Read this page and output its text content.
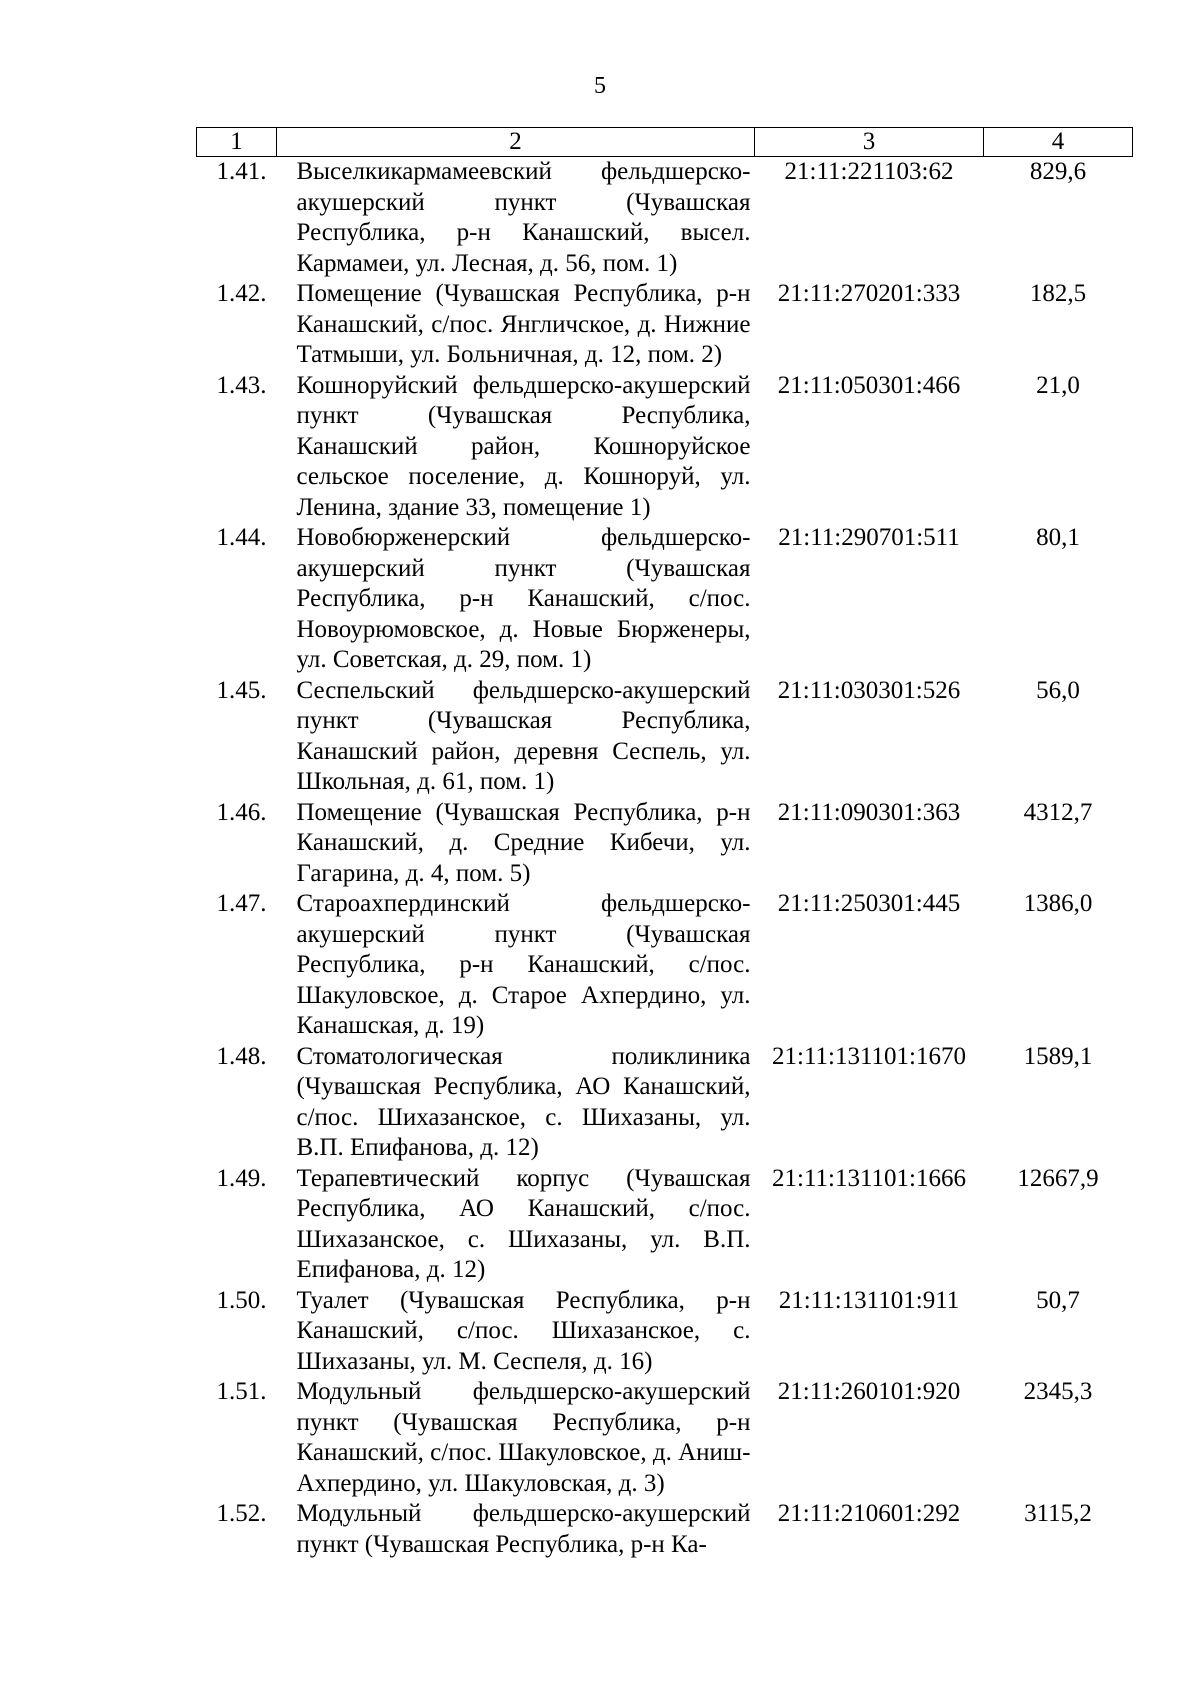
5
1	2	3	4
1.41.	Выселкикармамеевский фельдшерско-акушерский пункт (Чувашская Республика, р-н Канашский, высел. Кармамеи, ул. Лесная, д. 56, пом. 1)	21:11:221103:62	829,6
1.42.	Помещение (Чувашская Республика, р-н Канашский, с/пос. Янгличское, д. Нижние Татмыши, ул. Больничная, д. 12, пом. 2)	21:11:270201:333	182,5
1.43.	Кошноруйский фельдшерско-акушерский пункт (Чувашская Республика, Канашский район, Кошноруйское сельское поселение, д. Кошноруй, ул. Ленина, здание 33, помещение 1)	21:11:050301:466	21,0
1.44.	Новобюрженерский фельдшерско-акушерский пункт (Чувашская Республика, р-н Канашский, с/пос. Новоурюмовское, д. Новые Бюрженеры, ул. Советская, д. 29, пом. 1)	21:11:290701:511	80,1
1.45.	Сеспельский фельдшерско-акушерский пункт (Чувашская Республика, Канашский район, деревня Сеспель, ул. Школьная, д. 61, пом. 1)	21:11:030301:526	56,0
1.46.	Помещение (Чувашская Республика, р-н Канашский, д. Средние Кибечи, ул. Гагарина, д. 4, пом. 5)	21:11:090301:363	4312,7
1.47.	Староахпердинский фельдшерско-акушерский пункт (Чувашская Республика, р-н Канашский, с/пос. Шакуловское, д. Старое Ахпердино, ул. Канашская, д. 19)	21:11:250301:445	1386,0
1.48.	Стоматологическая поликлиника (Чувашская Республика, АО Канашский, с/пос. Шихазанское, с. Шихазаны, ул. В.П. Епифанова, д. 12)	21:11:131101:1670	1589,1
1.49.	Терапевтический корпус (Чувашская Республика, АО Канашский, с/пос. Шихазанское, с. Шихазаны, ул. В.П. Епифанова, д. 12)	21:11:131101:1666	12667,9
1.50.	Туалет (Чувашская Республика, р-н Канашский, с/пос. Шихазанское, с. Шихазаны, ул. М. Сеспеля, д. 16)	21:11:131101:911	50,7
1.51.	Модульный фельдшерско-акушерский пункт (Чувашская Республика, р-н Канашский, с/пос. Шакуловское, д. Аниш-Ахпердино, ул. Шакуловская, д. 3)	21:11:260101:920	2345,3
1.52.	Модульный фельдшерско-акушерский пункт (Чувашская Республика, р-н Ка-	21:11:210601:292	3115,2
